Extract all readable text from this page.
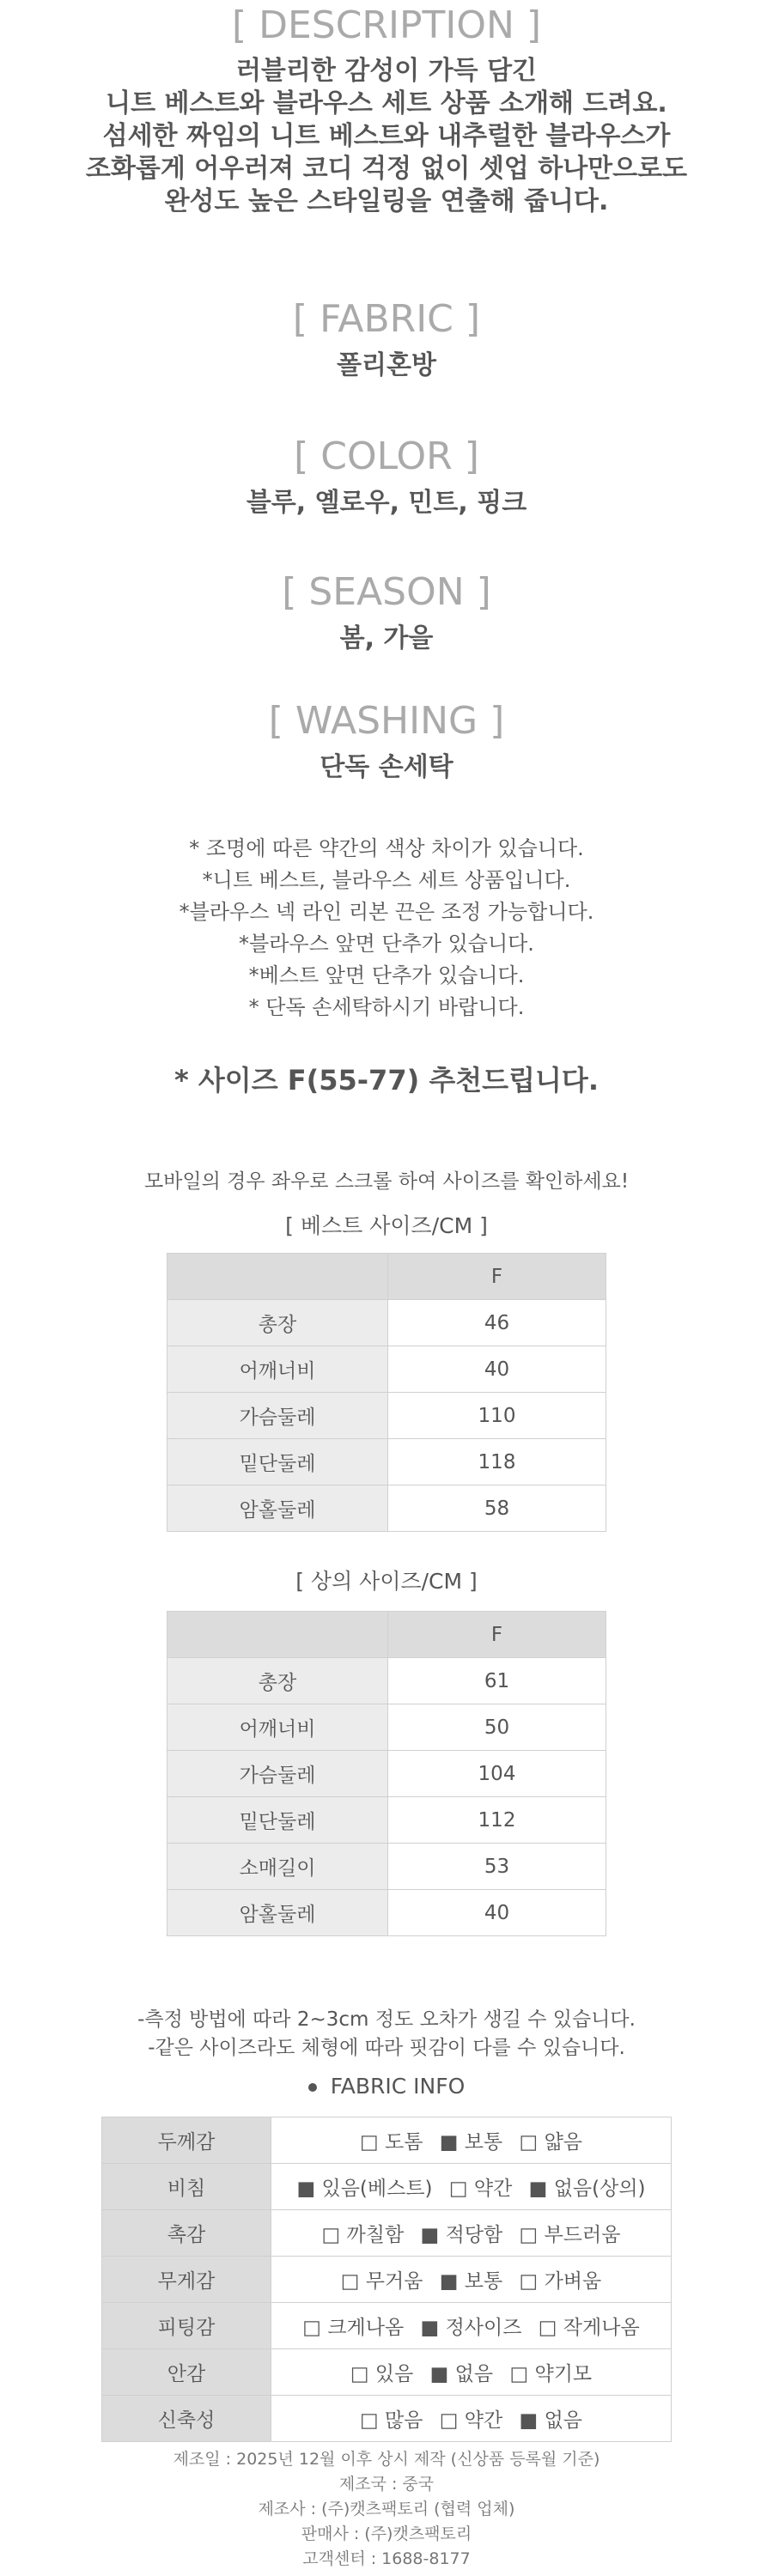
[ DESCRIPTION ]

러블리한 감성이 가득 담긴

니트 베스트와 블라우스 세트 상품 소개해 드려요.

섬세한 짜임의 니트 베스트와 내추럴한 블라우스가

조화롭게 어우러져 코디 걱정 없이 셋업 하나만으로도

완성도 높은 스타일링을 연출해 줍니다.

[ FABRIC ]

폴리혼방

[ COLOR ]

블루, 옐로우, 민트, 핑크

[ SEASON ]

봄, 가을

[ WASHING ]

단독 손세탁

* 조명에 따른 약간의 색상 차이가 있습니다.

*니트 베스트, 블라우스 세트 상품입니다.

*블라우스 넥 라인 리본 끈은 조정 가능합니다.

*블라우스 앞면 단추가 있습니다.

*베스트 앞면 단추가 있습니다.

* 단독 손세탁하시기 바랍니다.

* 사이즈 F(55-77) 추천드립니다.

모바일의 경우 좌우로 스크롤 하여 사이즈를 확인하세요!

[ 베스트 사이즈/CM ]

	F
총장	46
어깨너비	40
가슴둘레	110
밑단둘레	118
암홀둘레	58

[ 상의 사이즈/CM ]

	F
총장	61
어깨너비	50
가슴둘레	104
밑단둘레	112
소매길이	53
암홀둘레	40

-측정 방법에 따라 2~3cm 정도 오차가 생길 수 있습니다.

-같은 사이즈라도 체형에 따라 핏감이 다를 수 있습니다.

FABRIC INFO

두께감	□ 도톰 ■ 보통 □ 얇음
비침	■ 있음(베스트) □ 약간 ■ 없음(상의)
촉감	□ 까칠함 ■ 적당함 □ 부드러움
무게감	□ 무거움 ■ 보통 □ 가벼움
피팅감	□ 크게나옴 ■ 정사이즈 □ 작게나옴
안감	□ 있음 ■ 없음 □ 약기모
신축성	□ 많음 □ 약간 ■ 없음

제조일 : 2025년 12월 이후 상시 제작 (신상품 등록월 기준)

제조국 : 중국

제조사 : (주)캣츠팩토리 (협력 업체)

판매사 : (주)캣츠팩토리

고객센터 : 1688-8177
